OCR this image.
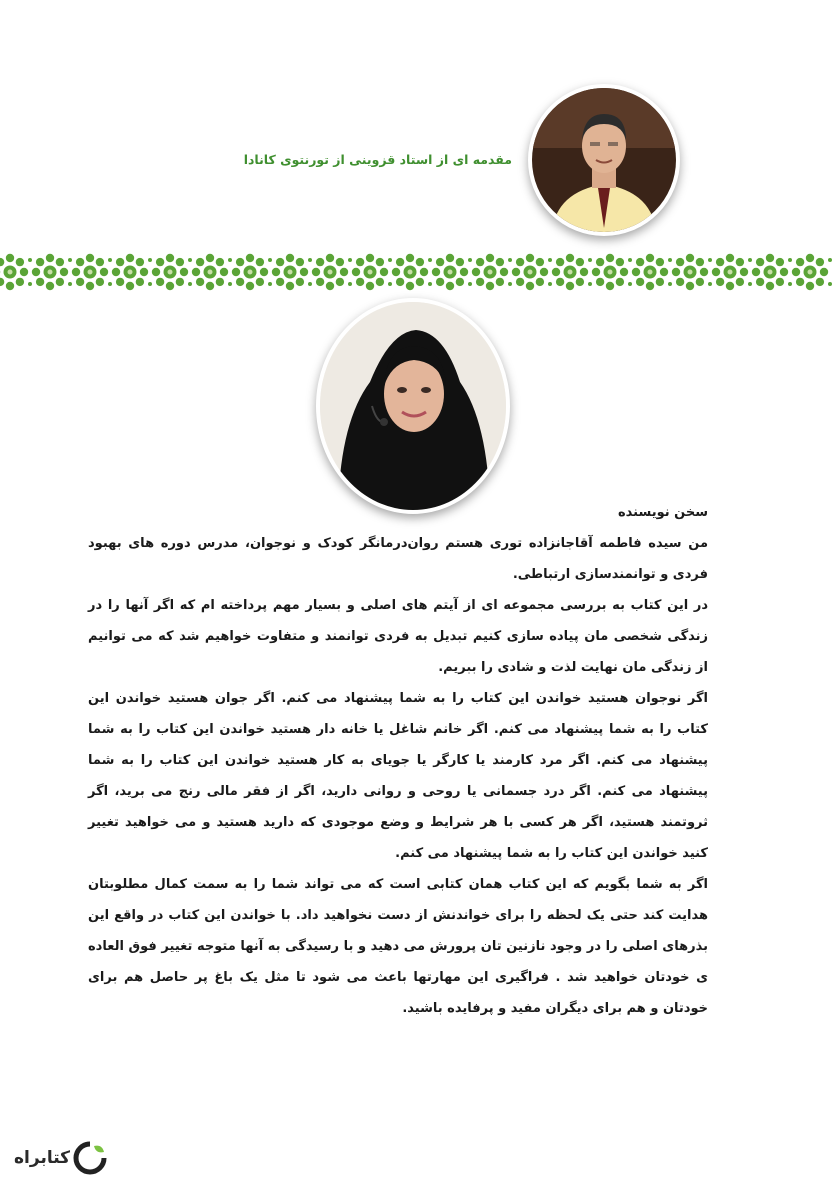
مقدمه ای از استاد قزوینی از تورنتوی کانادا

سخن نویسنده

من سیده فاطمه آقاجانزاده توری هستم روان‌درمانگر کودک و نوجوان، مدرس دوره های بهبود فردی و توانمندسازی ارتباطی.

در این کتاب به بررسی مجموعه ای از آیتم های اصلی و بسیار مهم پرداخته ام که اگر آنها را در زندگی شخصی مان پیاده سازی کنیم تبدیل به فردی توانمند و متفاوت خواهیم شد که می توانیم از زندگی مان نهایت لذت و شادی را ببریم.

اگر نوجوان هستید خواندن این کتاب را به شما پیشنهاد می کنم. اگر جوان هستید خواندن این کتاب را به شما پیشنهاد می کنم. اگر خانم شاغل یا خانه دار هستید خواندن این کتاب را به شما پیشنهاد می کنم. اگر مرد کارمند یا کارگر یا جویای به کار هستید خواندن این کتاب را به شما پیشنهاد می کنم. اگر درد جسمانی یا روحی و روانی دارید، اگر از فقر مالی رنج می برید، اگر ثروتمند هستید، اگر هر کسی با هر شرایط و وضع موجودی که دارید هستید و می خواهید تغییر کنید خواندن این کتاب را به شما پیشنهاد می کنم.

اگر به شما بگویم که این کتاب همان کتابی است که می تواند شما را به سمت کمال مطلوبتان هدایت کند حتی یک لحظه را برای خواندنش از دست نخواهید داد. با خواندن این کتاب در واقع این بذرهای اصلی را در وجود نازنین تان پرورش می دهید و با رسیدگی به آنها متوجه تغییر فوق العاده ی خودتان خواهید شد . فراگیری این مهارتها باعث می شود تا مثل یک باغ پر حاصل هم برای خودتان و هم برای دیگران مفید و پرفایده باشید.

کتابراه
